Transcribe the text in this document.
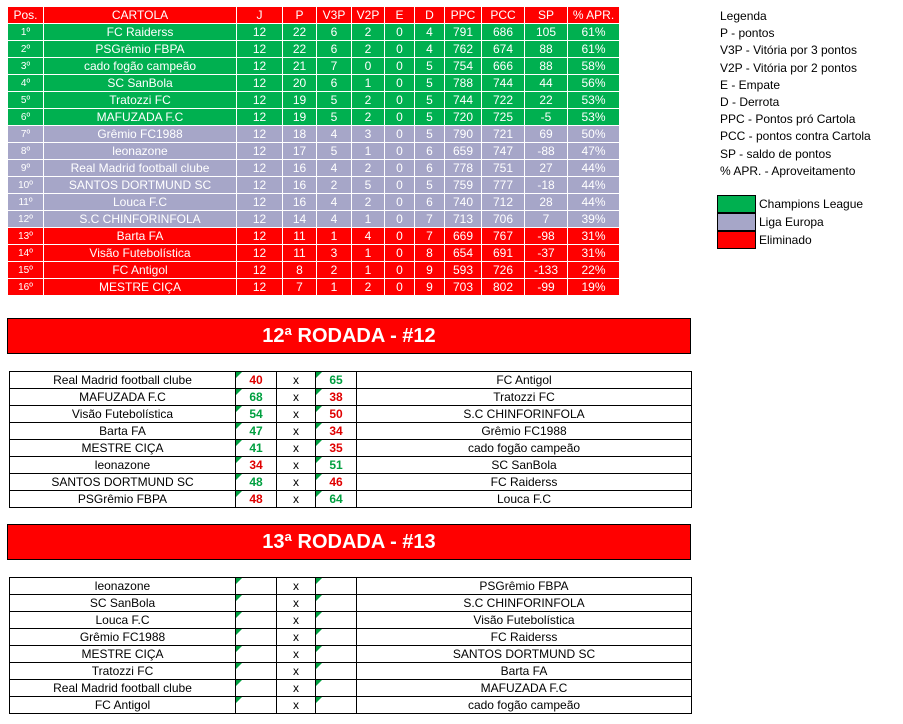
Pos.	CARTOLA	J	P	V3P	V2P	E	D	PPC	PCC	SP	% APR.
1º	FC Raiderss	12	22	6	2	0	4	791	686	105	61%
2º	PSGrêmio FBPA	12	22	6	2	0	4	762	674	88	61%
3º	cado fogão campeão	12	21	7	0	0	5	754	666	88	58%
4º	SC SanBola	12	20	6	1	0	5	788	744	44	56%
5º	Tratozzi FC	12	19	5	2	0	5	744	722	22	53%
6º	MAFUZADA F.C	12	19	5	2	0	5	720	725	-5	53%
7º	Grêmio FC1988	12	18	4	3	0	5	790	721	69	50%
8º	leonazone	12	17	5	1	0	6	659	747	-88	47%
9º	Real Madrid football clube	12	16	4	2	0	6	778	751	27	44%
10º	SANTOS DORTMUND SC	12	16	2	5	0	5	759	777	-18	44%
11º	Louca F.C	12	16	4	2	0	6	740	712	28	44%
12º	S.C CHINFORINFOLA	12	14	4	1	0	7	713	706	7	39%
13º	Barta FA	12	11	1	4	0	7	669	767	-98	31%
14º	Visão Futebolística	12	11	3	1	0	8	654	691	-37	31%
15º	FC Antigol	12	8	2	1	0	9	593	726	-133	22%
16º	MESTRE CIÇA	12	7	1	2	0	9	703	802	-99	19%
Legenda
P - pontos
V3P - Vitória por 3 pontos
V2P - Vitória por 2 pontos
E - Empate
D - Derrota
PPC - Pontos pró Cartola
PCC - pontos contra Cartola
SP - saldo de pontos
% APR. - Aproveitamento
Champions League
Liga Europa
Eliminado
12ª RODADA - #12
Real Madrid football clube	40	x	65	FC Antigol
MAFUZADA F.C	68	x	38	Tratozzi FC
Visão Futebolística	54	x	50	S.C CHINFORINFOLA
Barta FA	47	x	34	Grêmio FC1988
MESTRE CIÇA	41	x	35	cado fogão campeão
leonazone	34	x	51	SC SanBola
SANTOS DORTMUND SC	48	x	46	FC Raiderss
PSGrêmio FBPA	48	x	64	Louca F.C
13ª RODADA - #13
leonazone		x		PSGrêmio FBPA
SC SanBola		x		S.C CHINFORINFOLA
Louca F.C		x		Visão Futebolística
Grêmio FC1988		x		FC Raiderss
MESTRE CIÇA		x		SANTOS DORTMUND SC
Tratozzi FC		x		Barta FA
Real Madrid football clube		x		MAFUZADA F.C
FC Antigol		x		cado fogão campeão
